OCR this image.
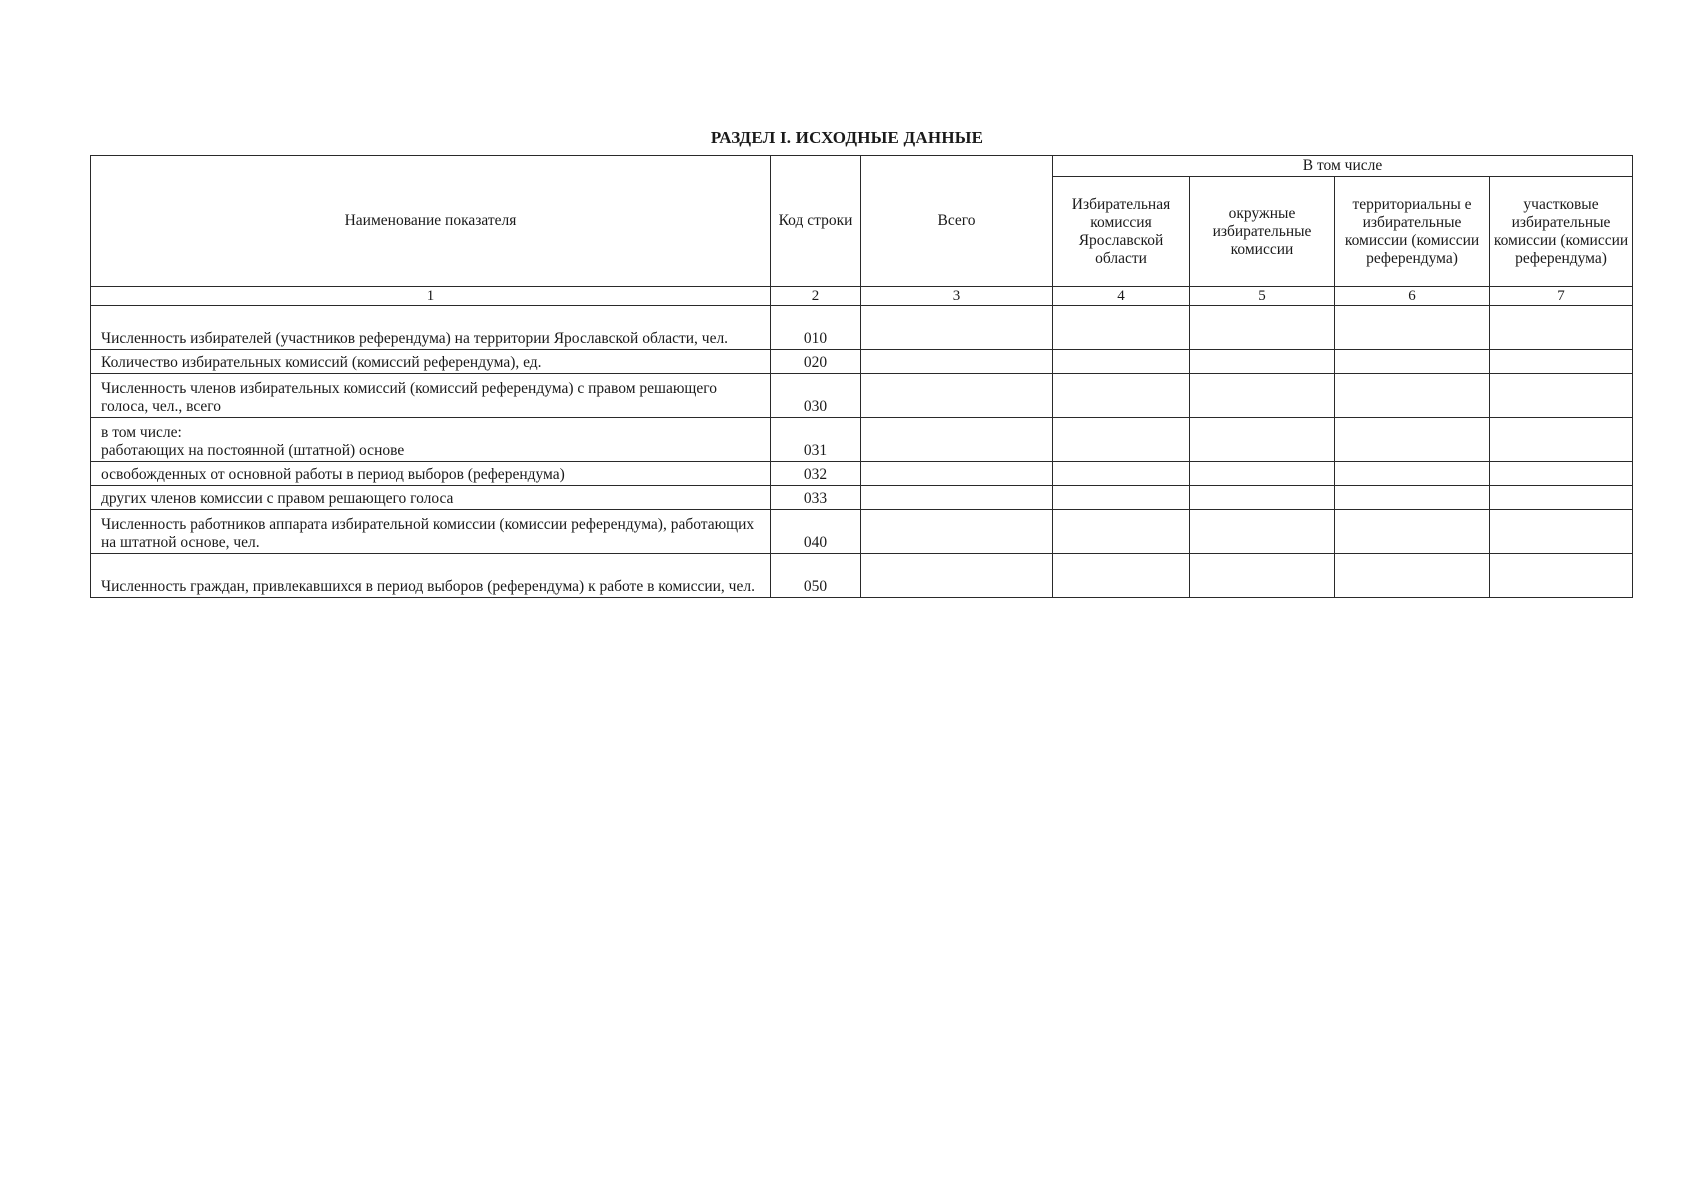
РАЗДЕЛ I. ИСХОДНЫЕ ДАННЫЕ
Наименование показателя	Код строки	Всего	В том числе			
			Избирательная комиссия Ярославской области	окружные избирательные комиссии	территориальны е избирательные комиссии (комиссии референдума)	участковые избирательные комиссии (комиссии референдума)
1	2	3	4	5	6	7
Численность избирателей (участников референдума) на территории Ярославской области, чел.	010					
Количество избирательных комиссий (комиссий референдума), ед.	020					
Численность членов избирательных комиссий (комиссий референдума) с правом решающего голоса, чел., всего	030					

в том числе:
работающих на постоянной (штатной) основе	031					
освобожденных от основной работы в период выборов (референдума)	032					
других членов комиссии с правом решающего голоса	033					
Численность работников аппарата избирательной комиссии (комиссии референдума), работающих на штатной основе, чел.	040					
Численность граждан, привлекавшихся в период выборов (референдума) к работе в комиссии, чел.	050					
